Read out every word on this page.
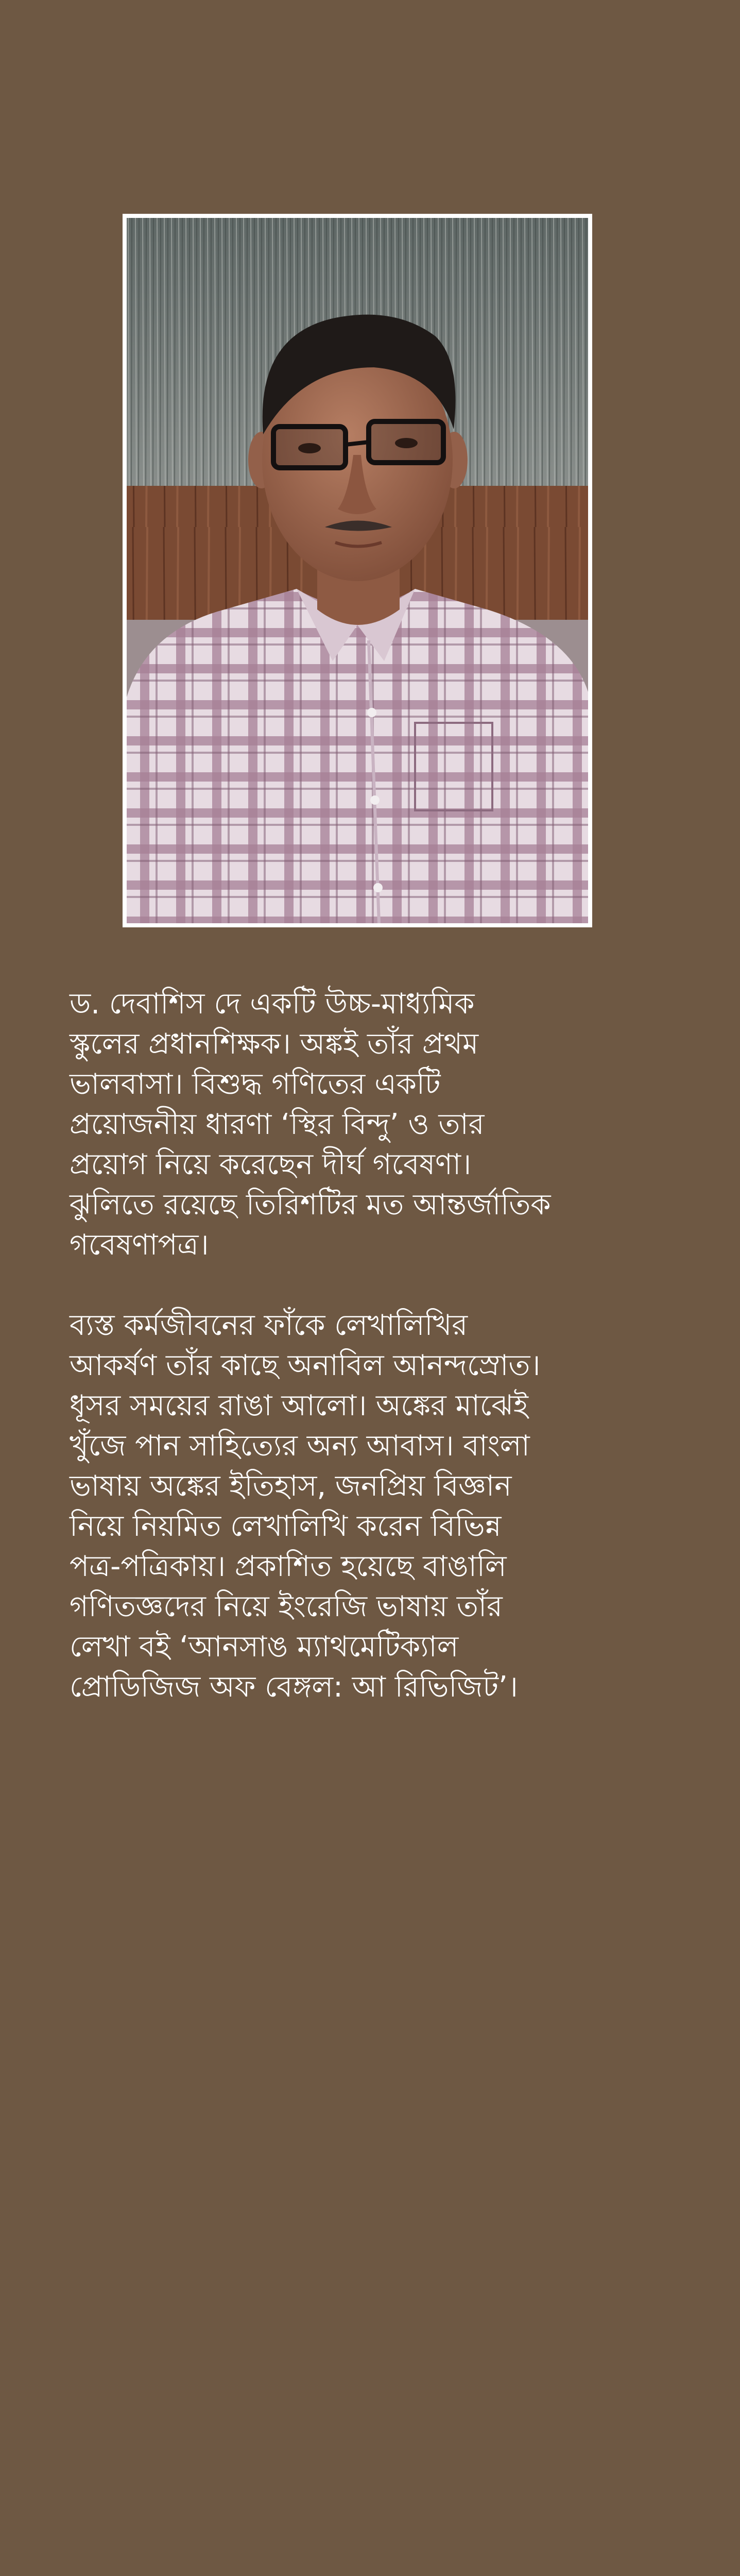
ড. দেবাশিস দে একটি উচ্চ-মাধ্যমিক
স্কুলের প্রধানশিক্ষক। অঙ্কই তাঁর প্রথম
ভালবাসা। বিশুদ্ধ গণিতের একটি
প্রয়োজনীয় ধারণা ‘স্থির বিন্দু’ ও তার
প্রয়োগ নিয়ে করেছেন দীর্ঘ গবেষণা।
ঝুলিতে রয়েছে তিরিশটির মত আন্তর্জাতিক
গবেষণাপত্র।

ব্যস্ত কর্মজীবনের ফাঁকে লেখালিখির
আকর্ষণ তাঁর কাছে অনাবিল আনন্দস্রোত।
ধূসর সময়ের রাঙা আলো। অঙ্কের মাঝেই
খুঁজে পান সাহিত্যের অন্য আবাস। বাংলা
ভাষায় অঙ্কের ইতিহাস, জনপ্রিয় বিজ্ঞান
নিয়ে নিয়মিত লেখালিখি করেন বিভিন্ন
পত্র-পত্রিকায়। প্রকাশিত হয়েছে বাঙালি
গণিতজ্ঞদের নিয়ে ইংরেজি ভাষায় তাঁর
লেখা বই ‘আনসাঙ ম্যাথমেটিক্যাল
প্রোডিজিজ অফ বেঙ্গল: আ রিভিজিট’।
